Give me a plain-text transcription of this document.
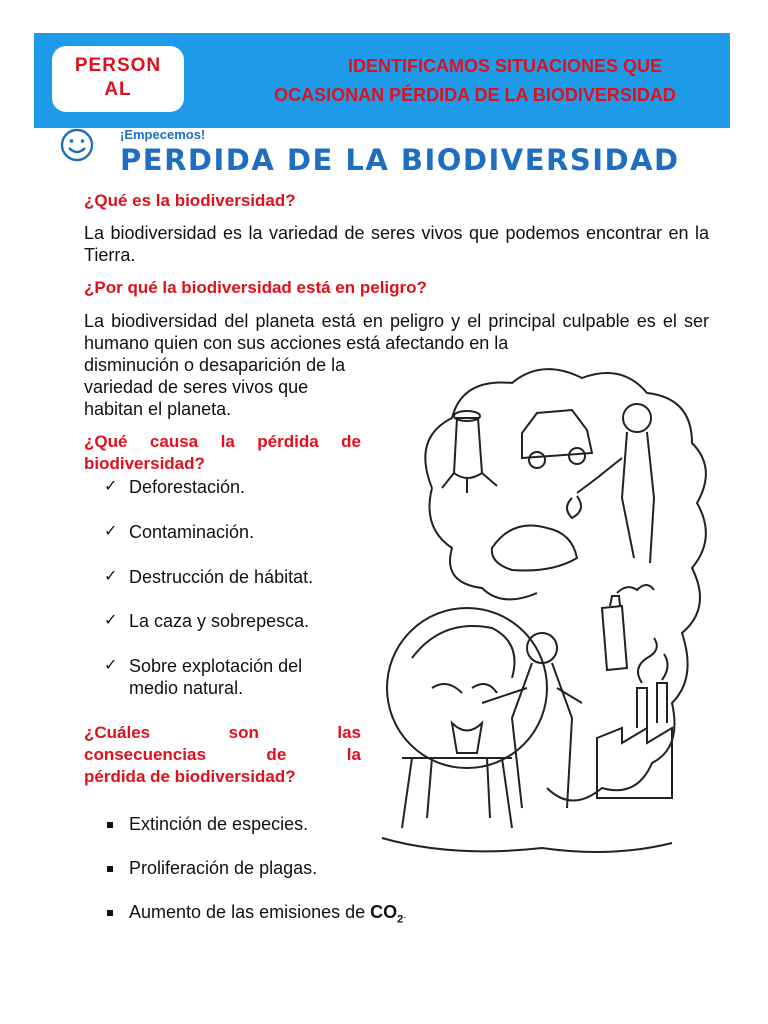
PERSON
AL
IDENTIFICAMOS SITUACIONES QUE
OCASIONAN PÉRDIDA DE LA BIODIVERSIDAD
¡Empecemos!
PERDIDA DE LA BIODIVERSIDAD
¿Qué es la biodiversidad?
La biodiversidad es la variedad de seres vivos que podemos encontrar en la Tierra.
¿Por qué la biodiversidad está en peligro?
La biodiversidad del planeta está en peligro y el principal culpable es el ser humano quien con sus acciones está afectando en la
disminución o desaparición de la variedad de seres vivos que habitan el planeta.
¿Qué causa la pérdida de
biodiversidad?
✓ Deforestación.
✓ Contaminación.
✓ Destrucción de hábitat.
✓ La caza y sobrepesca.
✓ Sobre explotación del medio natural.
¿Cuáles son las
consecuencias de la
pérdida de biodiversidad?
Extinción de especies.
Proliferación de plagas.
Aumento de las emisiones de $CO_2$.
